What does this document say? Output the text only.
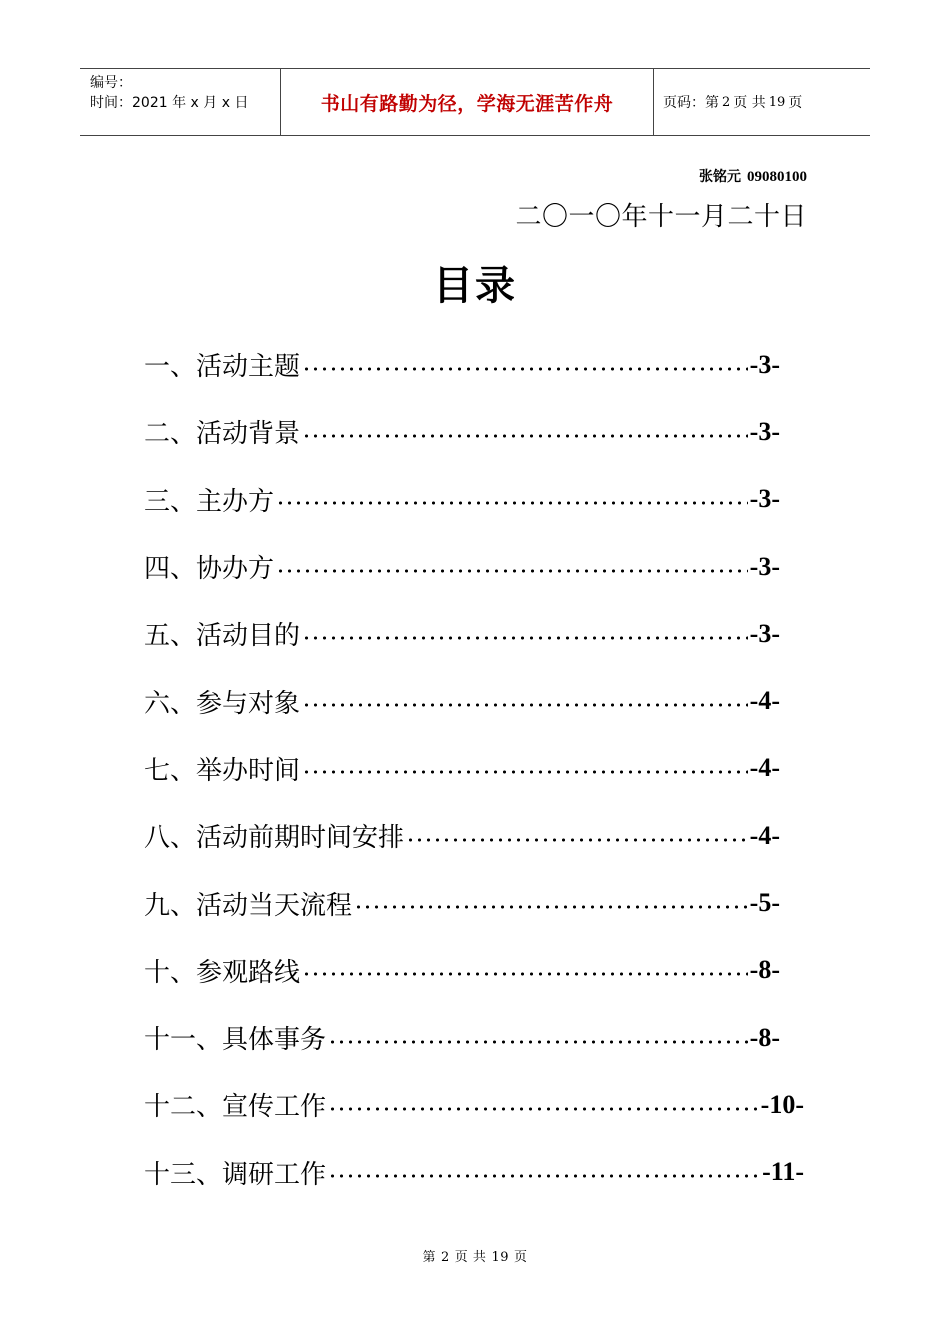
编号：
时间：2021 年 x 月 x 日	书山有路勤为径，学海无涯苦作舟	页码：第 2 页 共 19 页
张铭元 09080100
二〇一〇年十一月二十日
目录
一、活动主题	-3-
二、活动背景	-3-
三、主办方	-3-
四、协办方	-3-
五、活动目的	-3-
六、参与对象	-4-
七、举办时间	-4-
八、活动前期时间安排	-4-
九、活动当天流程	-5-
十、参观路线	-8-
十一、具体事务	-8-
十二、宣传工作	-10-
十三、调研工作	-11-
第 2 页 共 19 页
